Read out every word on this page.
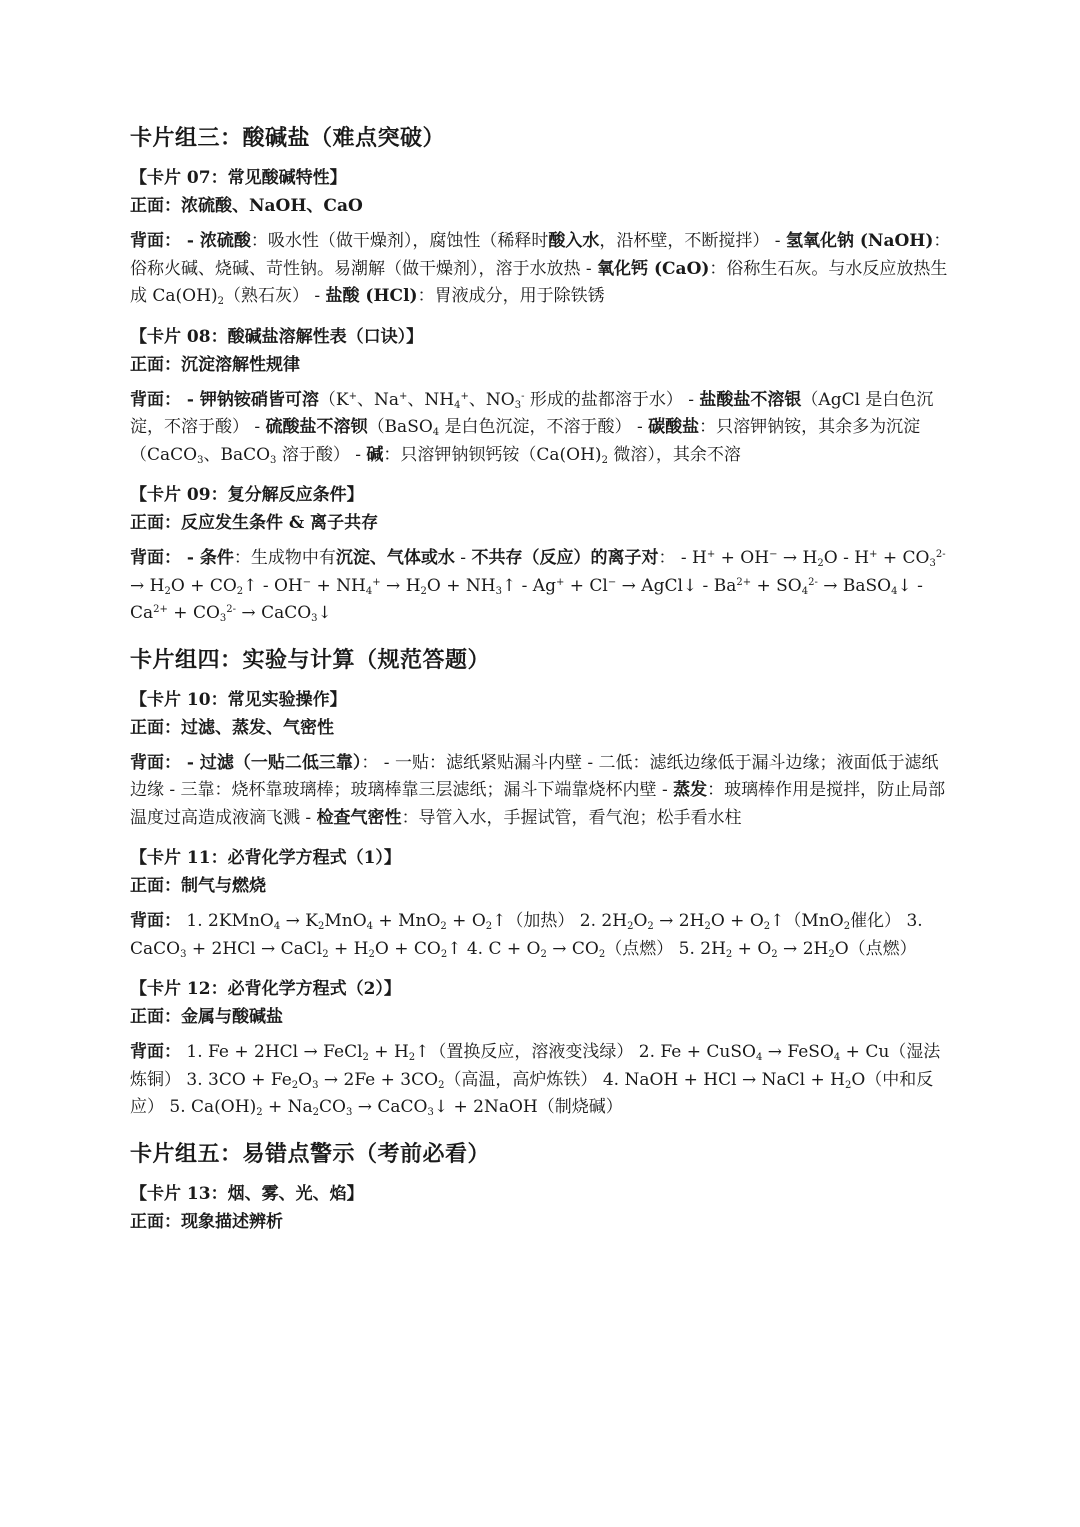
卡片组三：酸碱盐（难点突破）
【卡片 07：常见酸碱特性】
正面：浓硫酸、NaOH、CaO
背面： - 浓硫酸：吸水性（做干燥剂），腐蚀性（稀释时酸入水，沿杯壁，不断搅拌） - 氢氧化钠 (NaOH)：俗称火碱、烧碱、苛性钠。易潮解（做干燥剂），溶于水放热 - 氧化钙 (CaO)：俗称生石灰。与水反应放热生成 $Ca(OH)_2$（熟石灰） - 盐酸 (HCl)：胃液成分，用于除铁锈
【卡片 08：酸碱盐溶解性表（口诀）】
正面：沉淀溶解性规律
背面： - 钾钠铵硝皆可溶（K+、Na+、$NH_4^+$、$NO_3^-$ 形成的盐都溶于水） - 盐酸盐不溶银（AgCl 是白色沉淀，不溶于酸） - 硫酸盐不溶钡（BaSO$_4$ 是白色沉淀，不溶于酸） - 碳酸盐：只溶钾钠铵，其余多为沉淀（CaCO$_3$、BaCO$_3$ 溶于酸） - 碱：只溶钾钠钡钙铵（$Ca(OH)_2$ 微溶），其余不溶
【卡片 09：复分解反应条件】
正面：反应发生条件 & 离子共存
背面： - 条件：生成物中有沉淀、气体或水 - 不共存（反应）的离子对： - $H^+ + OH^- \to H_2O - H^+ + CO_3^{2-} \to H_2O$ + $CO_2↑ - OH^- + NH_4^+ \to H_2O$ + $NH_3↑ - Ag^+ + Cl^-$ → AgCl↓ - $Ba^{2+} + SO_4^{2-}$ → BaSO$_4$↓ - $Ca^{2+} + CO_3^{2-}$ → CaCO$_3$↓
卡片组四：实验与计算（规范答题）
【卡片 10：常见实验操作】
正面：过滤、蒸发、气密性
背面： - 过滤（一贴二低三靠）： - 一贴：滤纸紧贴漏斗内壁 - 二低：滤纸边缘低于漏斗边缘；液面低于滤纸边缘 - 三靠：烧杯靠玻璃棒；玻璃棒靠三层滤纸；漏斗下端靠烧杯内壁 - 蒸发：玻璃棒作用是搅拌，防止局部温度过高造成液滴飞溅 - 检查气密性：导管入水，手握试管，看气泡；松手看水柱
【卡片 11：必背化学方程式（1）】
正面：制气与燃烧
背面： 1. 2KMnO$_4$ → $K_2MnO_4 + MnO_2$ + $O_2↑$（加热） 2. $2H_2O_2 \to 2H_2O$ + $O_2↑(MnO_2$催化） 3. CaCO$_3$ + 2HCl → CaCl$_2$ + $H_2O$ + $CO_2↑$ 4. $C + O_2 \to CO_2$（点燃） 5. $2H_2 + O_2 \to 2H_2O$（点燃）
【卡片 12：必背化学方程式（2）】
正面：金属与酸碱盐
背面： 1. Fe + 2HCl → FeCl$_2$ + $H_2↑$（置换反应，溶液变浅绿） 2. Fe + CuSO$_4$ → FeSO$_4$ + Cu（湿法炼铜） 3. $3CO + Fe_2O_3 \to 2Fe + 3CO_2$（高温，高炉炼铁） 4. NaOH + HCl → NaCl + $H_2O$（中和反应） 5. $Ca(OH)_2 + Na_2CO_3$ → CaCO$_3$↓ + 2NaOH（制烧碱）
卡片组五：易错点警示（考前必看）
【卡片 13：烟、雾、光、焰】
正面：现象描述辨析
